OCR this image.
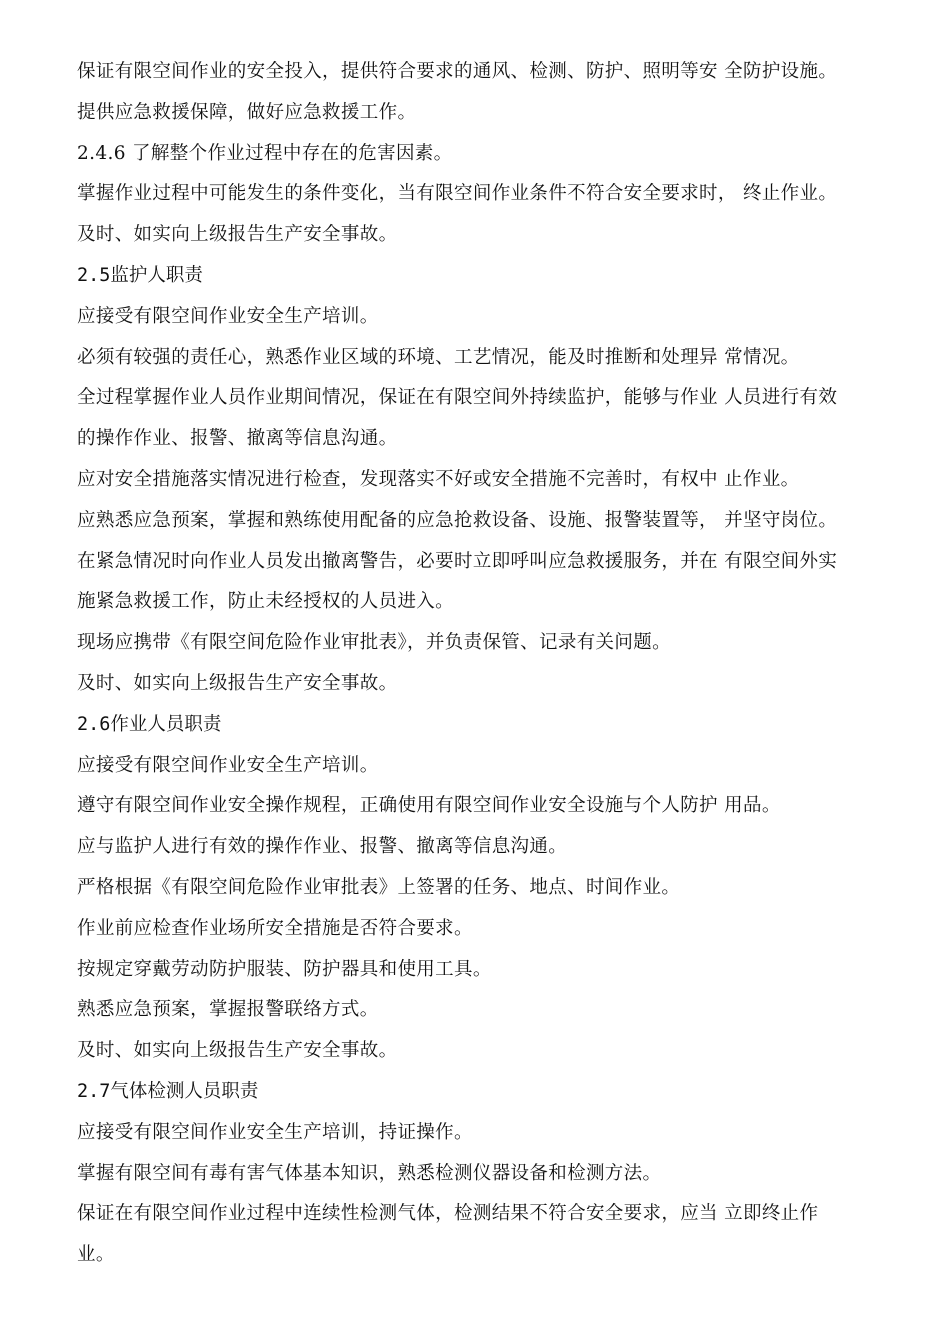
保证有限空间作业的安全投入，提供符合要求的通风、检测、防护、照明等安 全防护设施。
提供应急救援保障，做好应急救援工作。
2.4.6 了解整个作业过程中存在的危害因素。
掌握作业过程中可能发生的条件变化，当有限空间作业条件不符合安全要求时， 终止作业。
及时、如实向上级报告生产安全事故。
2.5监护人职责
应接受有限空间作业安全生产培训。
必须有较强的责任心，熟悉作业区域的环境、工艺情况，能及时推断和处理异 常情况。
全过程掌握作业人员作业期间情况，保证在有限空间外持续监护，能够与作业 人员进行有效
的操作作业、报警、撤离等信息沟通。
应对安全措施落实情况进行检查，发现落实不好或安全措施不完善时，有权中 止作业。
应熟悉应急预案，掌握和熟练使用配备的应急抢救设备、设施、报警装置等， 并坚守岗位。
在紧急情况时向作业人员发出撤离警告，必要时立即呼叫应急救援服务，并在 有限空间外实
施紧急救援工作，防止未经授权的人员进入。
现场应携带《有限空间危险作业审批表》，并负责保管、记录有关问题。
及时、如实向上级报告生产安全事故。
2.6作业人员职责
应接受有限空间作业安全生产培训。
遵守有限空间作业安全操作规程，正确使用有限空间作业安全设施与个人防护 用品。
应与监护人进行有效的操作作业、报警、撤离等信息沟通。
严格根据《有限空间危险作业审批表》上签署的任务、地点、时间作业。
作业前应检查作业场所安全措施是否符合要求。
按规定穿戴劳动防护服装、防护器具和使用工具。
熟悉应急预案，掌握报警联络方式。
及时、如实向上级报告生产安全事故。
2.7气体检测人员职责
应接受有限空间作业安全生产培训，持证操作。
掌握有限空间有毒有害气体基本知识，熟悉检测仪器设备和检测方法。
保证在有限空间作业过程中连续性检测气体，检测结果不符合安全要求，应当 立即终止作
业。
